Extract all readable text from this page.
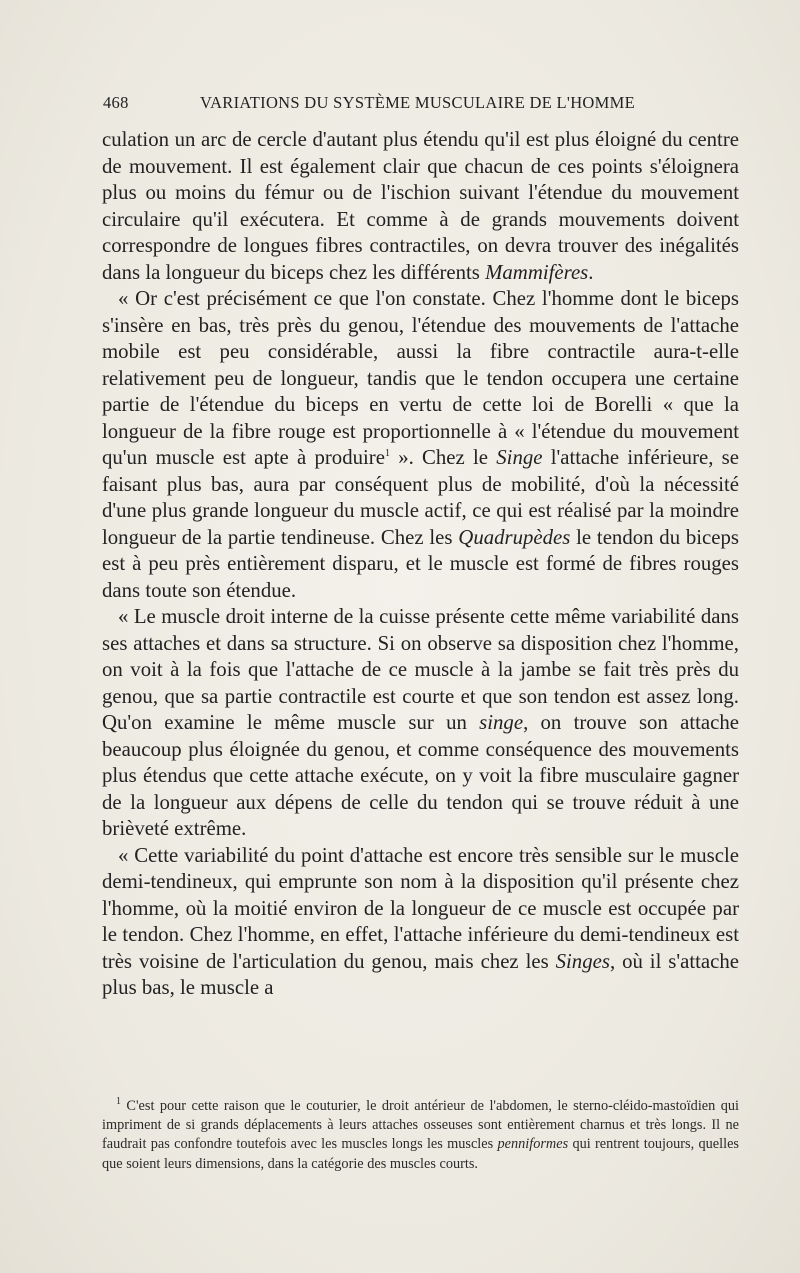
468	VARIATIONS DU SYSTÈME MUSCULAIRE DE L'HOMME

culation un arc de cercle d'autant plus étendu qu'il est plus éloigné du centre de mouvement. Il est également clair que chacun de ces points s'éloignera plus ou moins du fémur ou de l'ischion suivant l'étendue du mouvement circulaire qu'il exécutera. Et comme à de grands mouvements doivent correspondre de longues fibres contractiles, on devra trouver des inégalités dans la longueur du biceps chez les différents Mammifères.

« Or c'est précisément ce que l'on constate. Chez l'homme dont le biceps s'insère en bas, très près du genou, l'étendue des mouvements de l'attache mobile est peu considérable, aussi la fibre contractile aura-t-elle relativement peu de longueur, tandis que le tendon occupera une certaine partie de l'étendue du biceps en vertu de cette loi de Borelli « que la longueur de la fibre rouge est proportionnelle à « l'étendue du mouvement qu'un muscle est apte à produire$^1$ ». Chez le Singe l'attache inférieure, se faisant plus bas, aura par conséquent plus de mobilité, d'où la nécessité d'une plus grande longueur du muscle actif, ce qui est réalisé par la moindre longueur de la partie tendineuse. Chez les Quadrupèdes le tendon du biceps est à peu près entièrement disparu, et le muscle est formé de fibres rouges dans toute son étendue.

« Le muscle droit interne de la cuisse présente cette même variabilité dans ses attaches et dans sa structure. Si on observe sa disposition chez l'homme, on voit à la fois que l'attache de ce muscle à la jambe se fait très près du genou, que sa partie contractile est courte et que son tendon est assez long. Qu'on examine le même muscle sur un singe, on trouve son attache beaucoup plus éloignée du genou, et comme conséquence des mouvements plus étendus que cette attache exécute, on y voit la fibre musculaire gagner de la longueur aux dépens de celle du tendon qui se trouve réduit à une brièveté extrême.

« Cette variabilité du point d'attache est encore très sensible sur le muscle demi-tendineux, qui emprunte son nom à la disposition qu'il présente chez l'homme, où la moitié environ de la longueur de ce muscle est occupée par le tendon. Chez l'homme, en effet, l'attache inférieure du demi-tendineux est très voisine de l'articulation du genou, mais chez les Singes, où il s'attache plus bas, le muscle a

$^1$ C'est pour cette raison que le couturier, le droit antérieur de l'abdomen, le sterno-cléido-mastoïdien qui impriment de si grands déplacements à leurs attaches osseuses sont entièrement charnus et très longs. Il ne faudrait pas confondre toutefois avec les muscles longs les muscles penniformes qui rentrent toujours, quelles que soient leurs dimensions, dans la catégorie des muscles courts.
